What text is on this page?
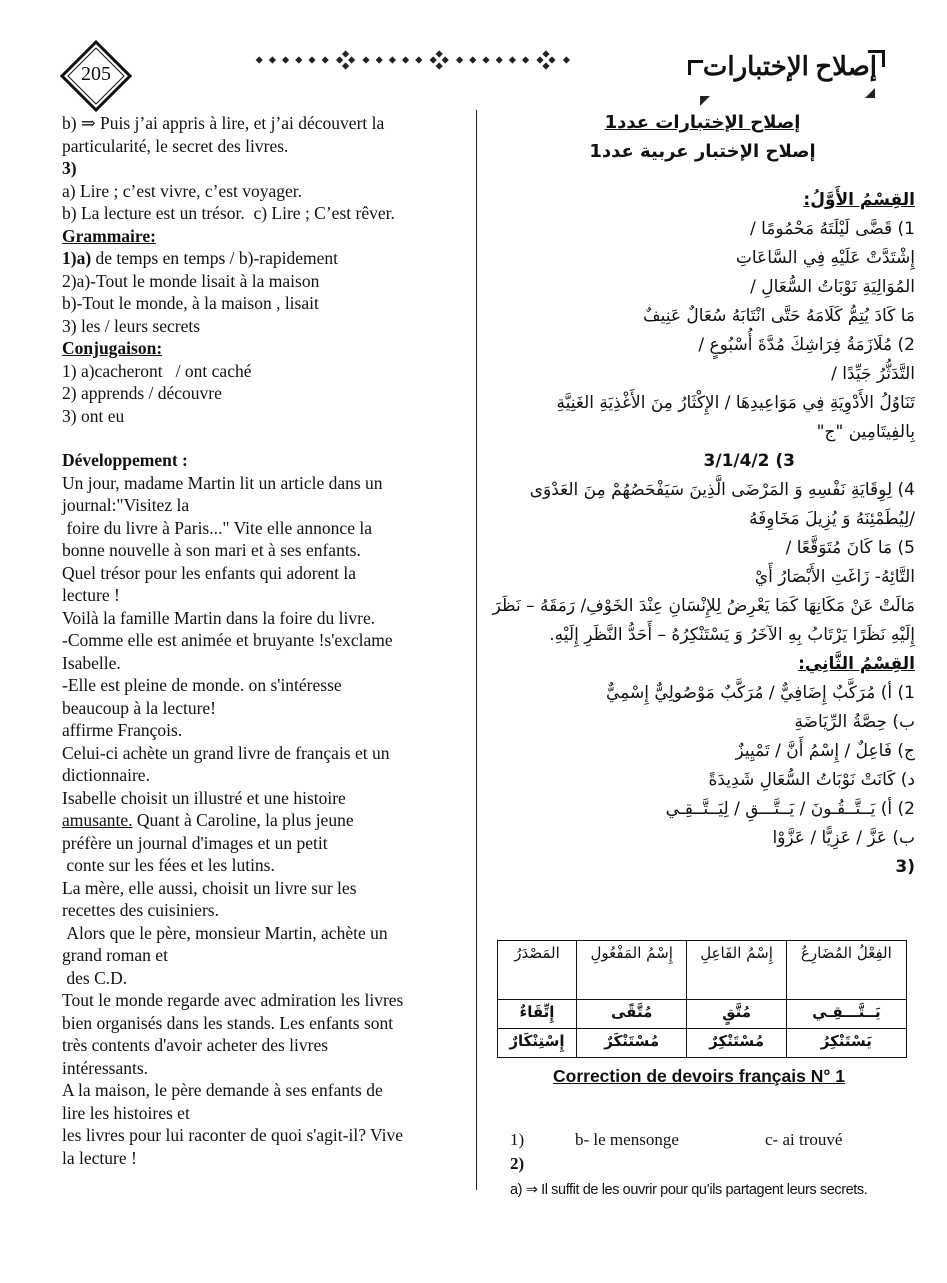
205	إصلاح الإختبارات

b) ⇒ Puis j’ai appris à lire, et j’ai découvert la

particularité, le secret des livres.

3)

a) Lire ; c’est vivre, c’est voyager.

b) La lecture est un trésor.  c) Lire ; C’est rêver.

Grammaire:

1)a) de temps en temps / b)-rapidement

2)a)-Tout le monde lisait à la maison

b)-Tout le monde, à la maison , lisait

3) les / leurs secrets

Conjugaison:

1) a)cacheront   / ont caché

2) apprends / découvre

3) ont eu

Développement :

Un jour, madame Martin lit un article dans un

journal:"Visitez la

foire du livre à Paris..." Vite elle annonce la

bonne nouvelle à son mari et à ses enfants.

Quel trésor pour les enfants qui adorent la

lecture !

Voilà la famille Martin dans la foire du livre.

-Comme elle est animée et bruyante !s'exclame

Isabelle.

-Elle est pleine de monde. on s'intéresse

beaucoup à la lecture!

affirme François.

Celui-ci achète un grand livre de français et un

dictionnaire.

Isabelle choisit un illustré et une histoire

amusante. Quant à Caroline, la plus jeune

préfère un journal d'images et un petit

conte sur les fées et les lutins.

La mère, elle aussi, choisit un livre sur les

recettes des cuisiniers.

Alors que le père, monsieur Martin, achète un

grand roman et

des C.D.

Tout le monde regarde avec admiration les livres

bien organisés dans les stands. Les enfants sont

très contents d'avoir acheter des livres

intéressants.

A la maison, le père demande à ses enfants de

lire les histoires et

les livres pour lui raconter de quoi s'agit-il? Vive

la lecture !

إصلاح الإختبارات عدد1

إصلاح الإختبار عربية عدد1

القِسْمُ الأَوَّلُ:

1) قَضَّى لَيْلَتَهُ مَحْمُومًا /

إِشْتَدَّتْ عَلَيْهِ فِي السَّاعَاتِ

المُوَالِيَةِ نَوْبَاتُ السُّعَالِ /

مَا كَادَ يُتِمُّ كَلَامَهُ حَتَّى انْتَابَهُ سُعَالٌ عَنِيفٌ

2) مُلَازَمَةُ فِرَاشِكَ مُدَّةَ أُسْبُوعٍ /

التَّدَثُّرُ جَيِّدًا /

تَنَاوُلُ الأَدْوِيَةِ فِي مَوَاعِيدِهَا / الإِكْثَارُ مِنَ الأَغْذِيَةِ الغَنِيَّةِ بِالفِيتَامِين "ج"

3/1/4/2 (3

4) لِوِقَايَةِ نَفْسِهِ وَ المَرْضَى الَّذِينَ سَيَفْحَصُهُمْ مِنَ العَدْوَى

/لِيُطَمْئِنَهُ وَ يُزِيلَ مَخَاوِفَهُ

5) مَا كَانَ مُتَوَقَّعًا /

التَّائِهُ- زَاغَتِ الأَبْصَارُ أَيْ

مَالَتْ عَنْ مَكَانِهَا كَمَا يَعْرِضُ لِلإِنْسَانِ عِنْدَ الخَوْفِ/ رَمَقَهُ – نَظَرَ إِلَيْهِ نَظَرًا يَرْتَابُ بِهِ الآخَرُ وَ يَسْتَنْكِرُهُ – أَحَدُّ النَّظَرِ إِلَيْهِ.

القِسْمُ الثَّانِي:

1) أ) مُرَكَّبٌ إِضَافِيٌّ / مُرَكَّبٌ مَوْصُولِيٌّ إِسْمِيٌّ

ب) حِصَّةُ الرِّيَاضَةِ

ج) فَاعِلٌ / إِسْمُ أَنَّ / تَمْيِيزٌ

د) كَانَتْ نَوْبَاتُ السُّعَالِ شَدِيدَةً

2) أ) يَــتَّــقُـونَ / يَــتَّـــقِ / لِيَــتَّــقِـي

ب) عَزَّ / عَزِيًّا / عَزَّوْا

(3

الفِعْلُ المُضَارِعُ	إِسْمُ الفَاعِلِ	إِسْمُ المَفْعُولِ	المَصْدَرُ
يَــتَّـــقِـي	مُتَّقٍ	مُتَّقًى	إِتِّقَاءٌ
يَسْتَنْكِرُ	مُسْتَنْكِرٌ	مُسْتَنْكَرٌ	إِسْتِنْكَارٌ
Correction de devoirs français N° 1
1)	b- le mensonge	c- ai trouvé
2)
a) ⇒ Il suffit de les ouvrir pour qu’ils partagent leurs secrets.
